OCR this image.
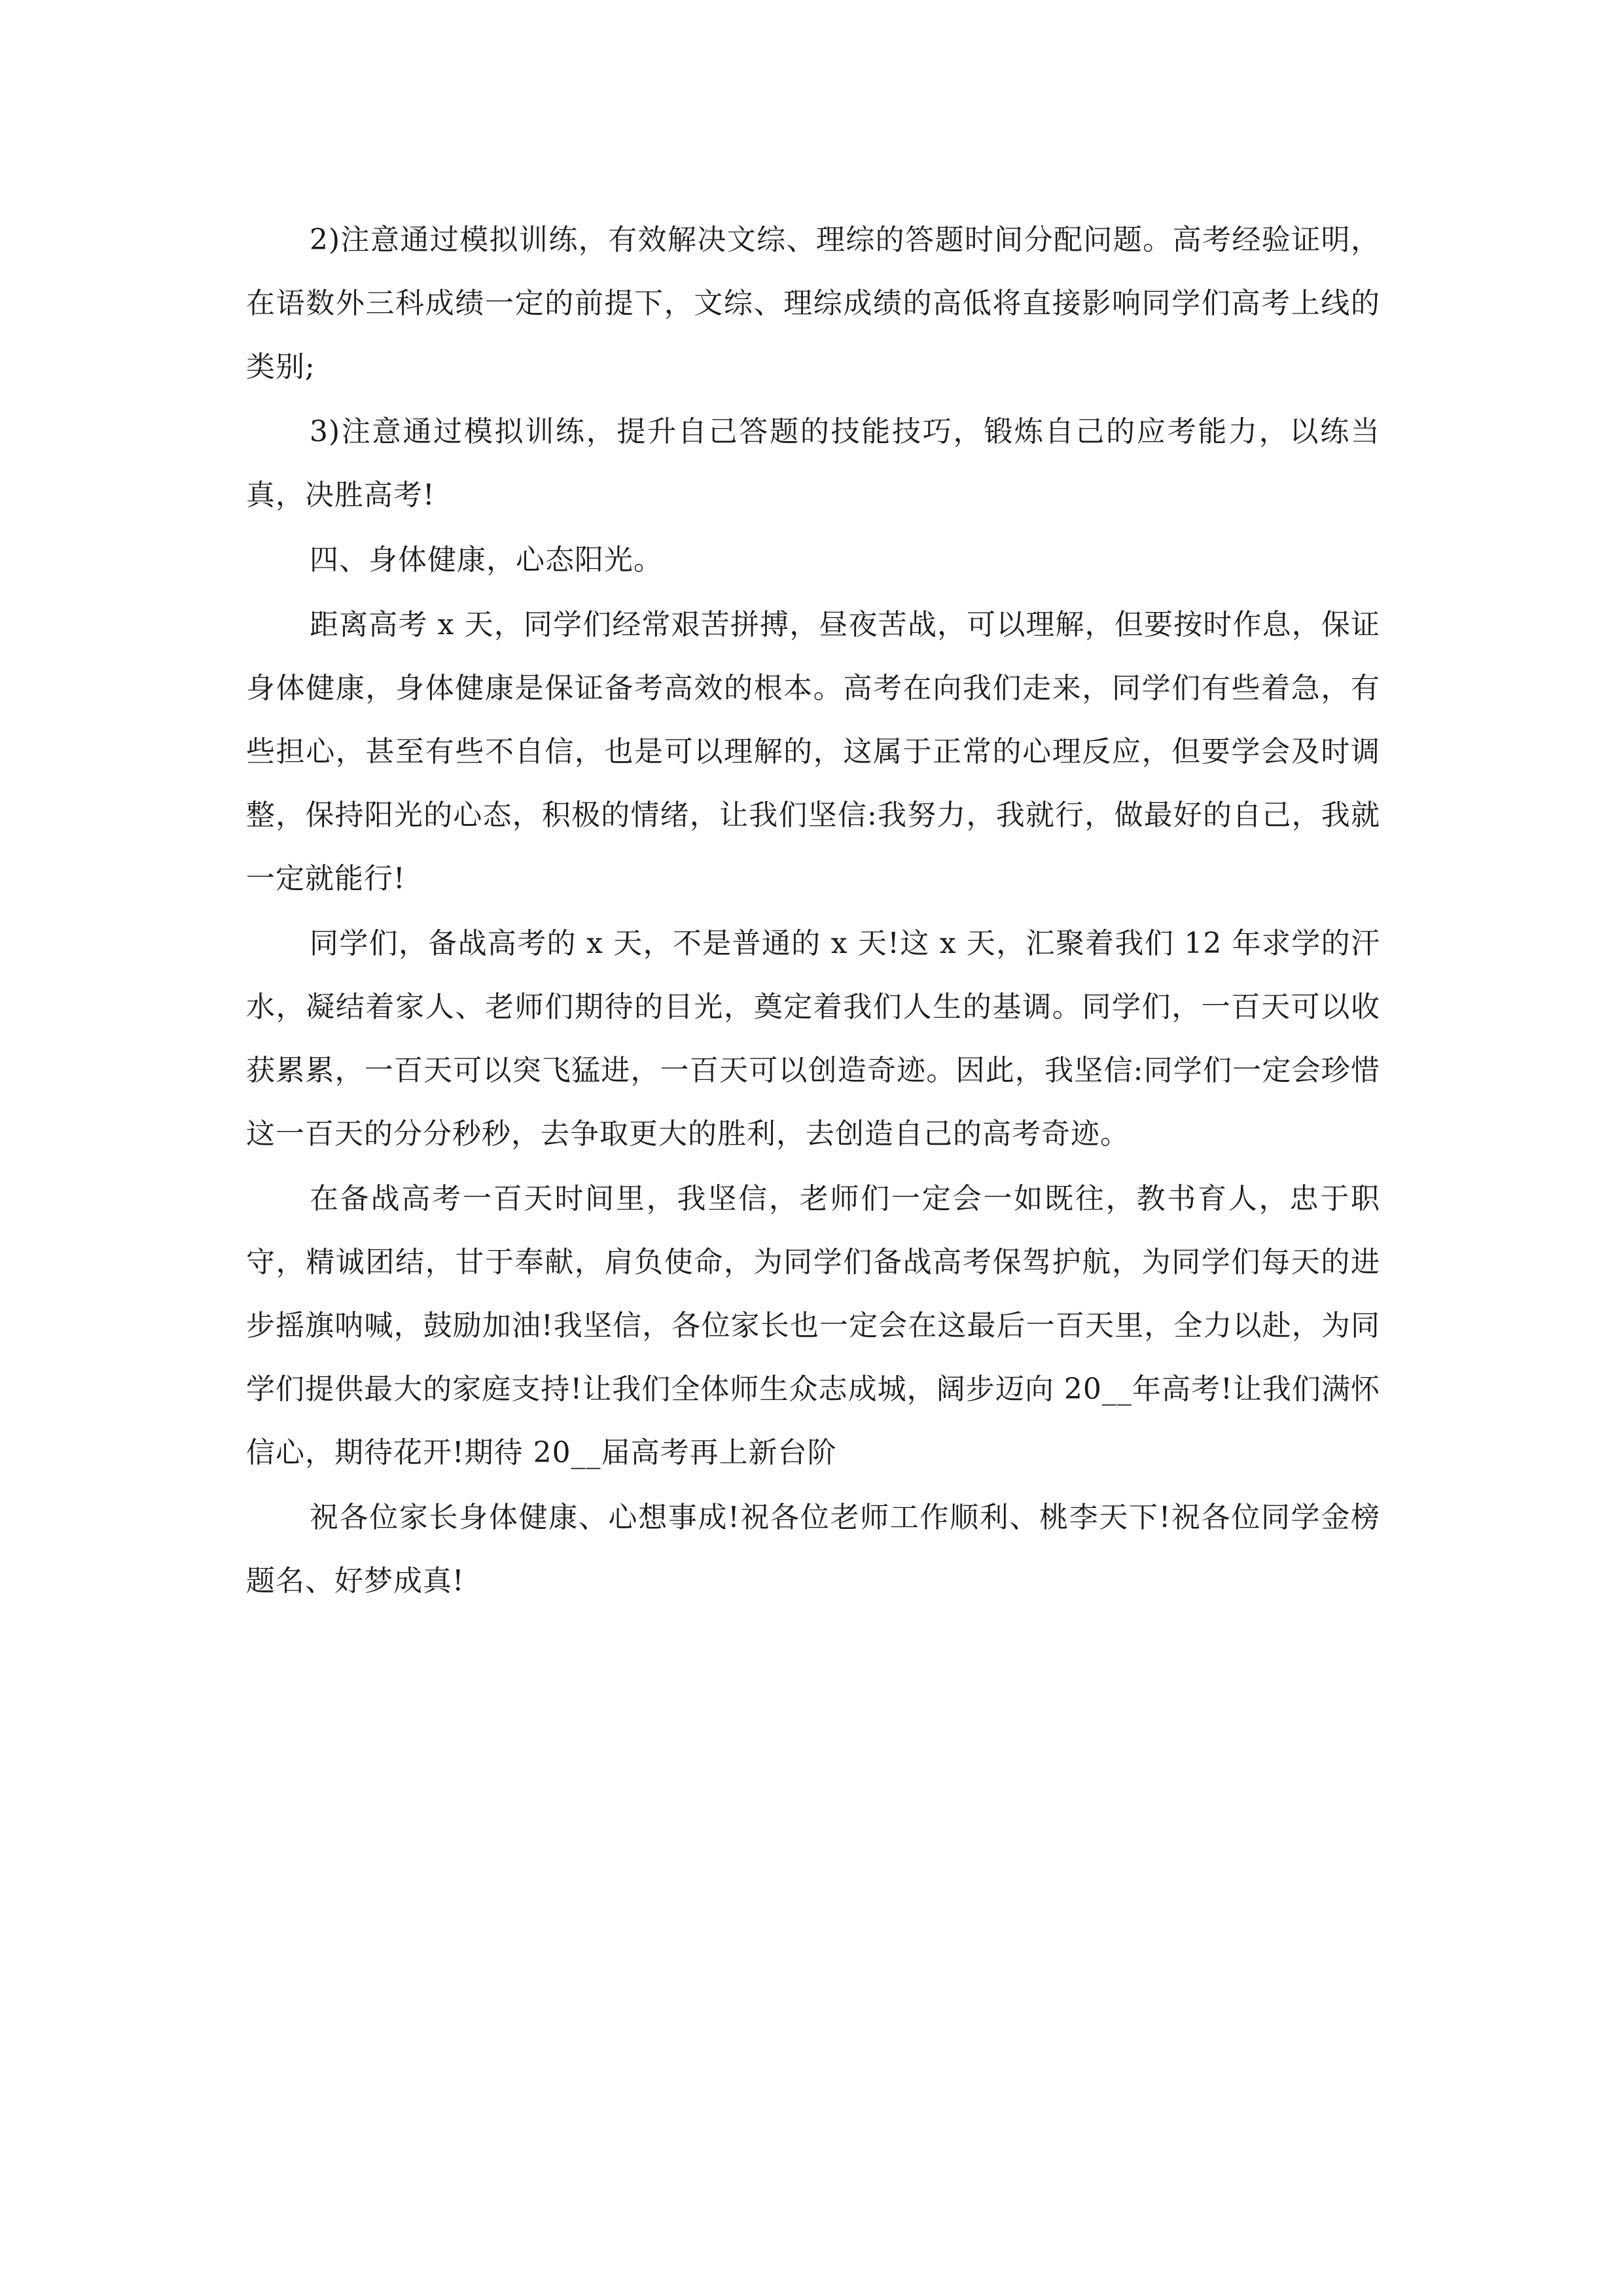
2)注意通过模拟训练，有效解决文综、理综的答题时间分配问题。高考经验证明，在语数外三科成绩一定的前提下，文综、理综成绩的高低将直接影响同学们高考上线的类别;

3)注意通过模拟训练，提升自己答题的技能技巧，锻炼自己的应考能力，以练当真，决胜高考!

四、身体健康，心态阳光。

距离高考 x 天，同学们经常艰苦拼搏，昼夜苦战，可以理解，但要按时作息，保证身体健康，身体健康是保证备考高效的根本。高考在向我们走来，同学们有些着急，有些担心，甚至有些不自信，也是可以理解的，这属于正常的心理反应，但要学会及时调整，保持阳光的心态，积极的情绪，让我们坚信:我努力，我就行，做最好的自己，我就一定就能行!

同学们，备战高考的 x 天，不是普通的 x 天!这 x 天，汇聚着我们 12 年求学的汗水，凝结着家人、老师们期待的目光，奠定着我们人生的基调。同学们，一百天可以收获累累，一百天可以突飞猛进，一百天可以创造奇迹。因此，我坚信:同学们一定会珍惜这一百天的分分秒秒，去争取更大的胜利，去创造自己的高考奇迹。

在备战高考一百天时间里，我坚信，老师们一定会一如既往，教书育人，忠于职守，精诚团结，甘于奉献，肩负使命，为同学们备战高考保驾护航，为同学们每天的进步摇旗呐喊，鼓励加油!我坚信，各位家长也一定会在这最后一百天里，全力以赴，为同学们提供最大的家庭支持!让我们全体师生众志成城，阔步迈向 20__年高考!让我们满怀信心，期待花开!期待 20__届高考再上新台阶

祝各位家长身体健康、心想事成!祝各位老师工作顺利、桃李天下!祝各位同学金榜题名、好梦成真!
